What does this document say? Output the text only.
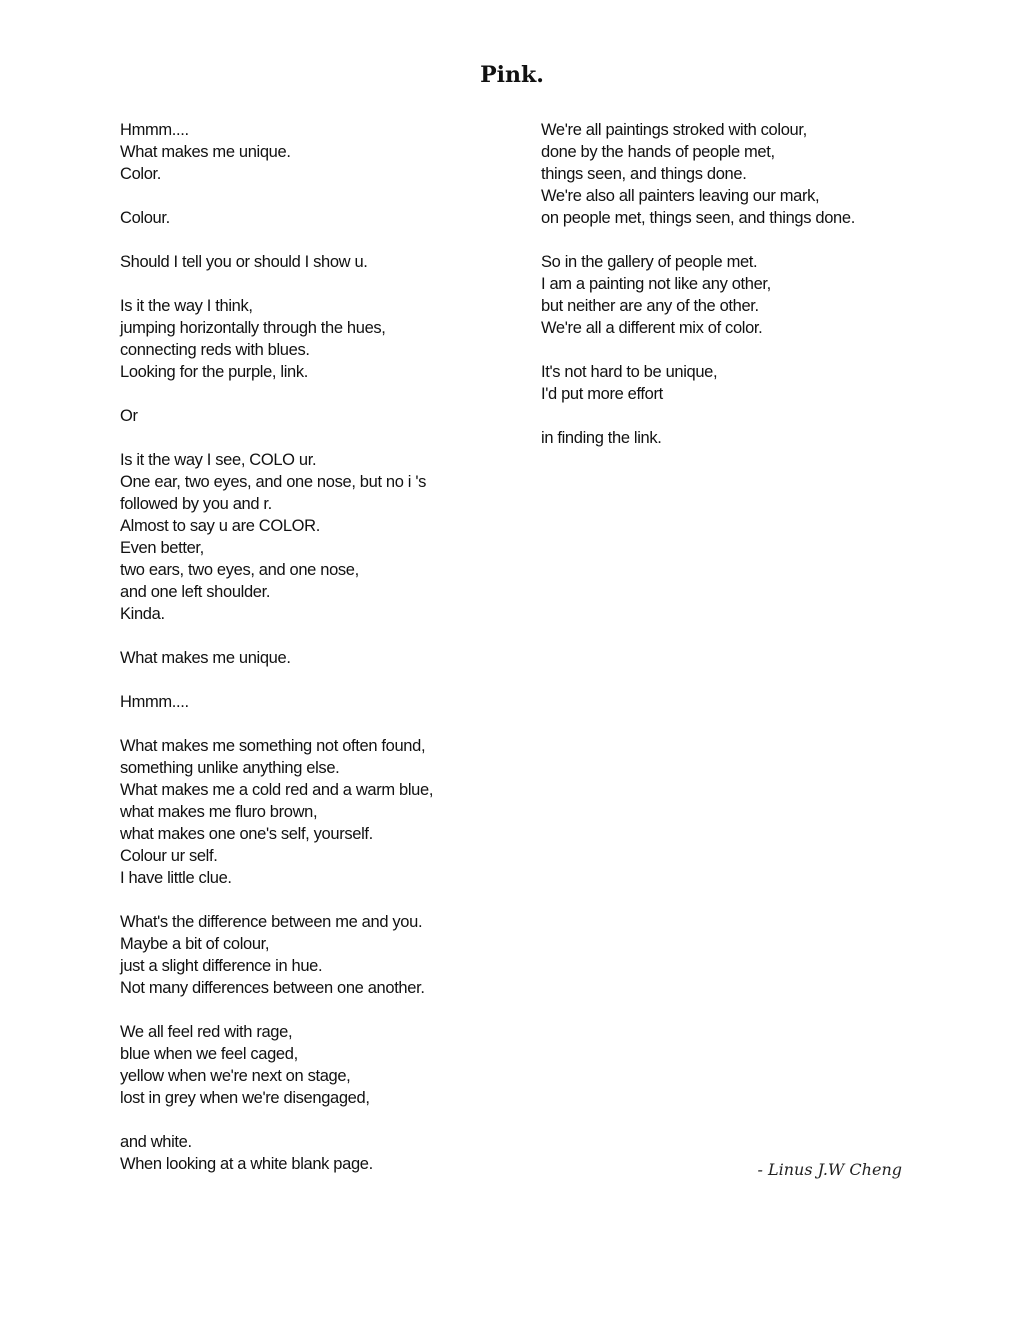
Pink.
Hmmm....
What makes me unique.
Color.
Colour.
Should I tell you or should I show u.
Is it the way I think,
jumping horizontally through the hues,
connecting reds with blues.
Looking for the purple, link.
Or
Is it the way I see, COLO ur.
One ear, two eyes, and one nose, but no i 's
followed by you and r.
Almost to say u are COLOR.
Even better,
two ears, two eyes, and one nose,
and one left shoulder.
Kinda.
What makes me unique.
Hmmm....
What makes me something not often found,
something unlike anything else.
What makes me a cold red and a warm blue,
what makes me fluro brown,
what makes one one's self, yourself.
Colour ur self.
I have little clue.
What's the difference between me and you.
Maybe a bit of colour,
just a slight difference in hue.
Not many differences between one another.
We all feel red with rage,
blue when we feel caged,
yellow when we're next on stage,
lost in grey when we're disengaged,
and white.
When looking at a white blank page.
We're all paintings stroked with colour,
done by the hands of people met,
things seen, and things done.
We're also all painters leaving our mark,
on people met, things seen, and things done.
So in the gallery of people met.
I am a painting not like any other,
but neither are any of the other.
We're all a different mix of color.
It's not hard to be unique,
I'd put more effort
in finding the link.
- Linus J.W Cheng
